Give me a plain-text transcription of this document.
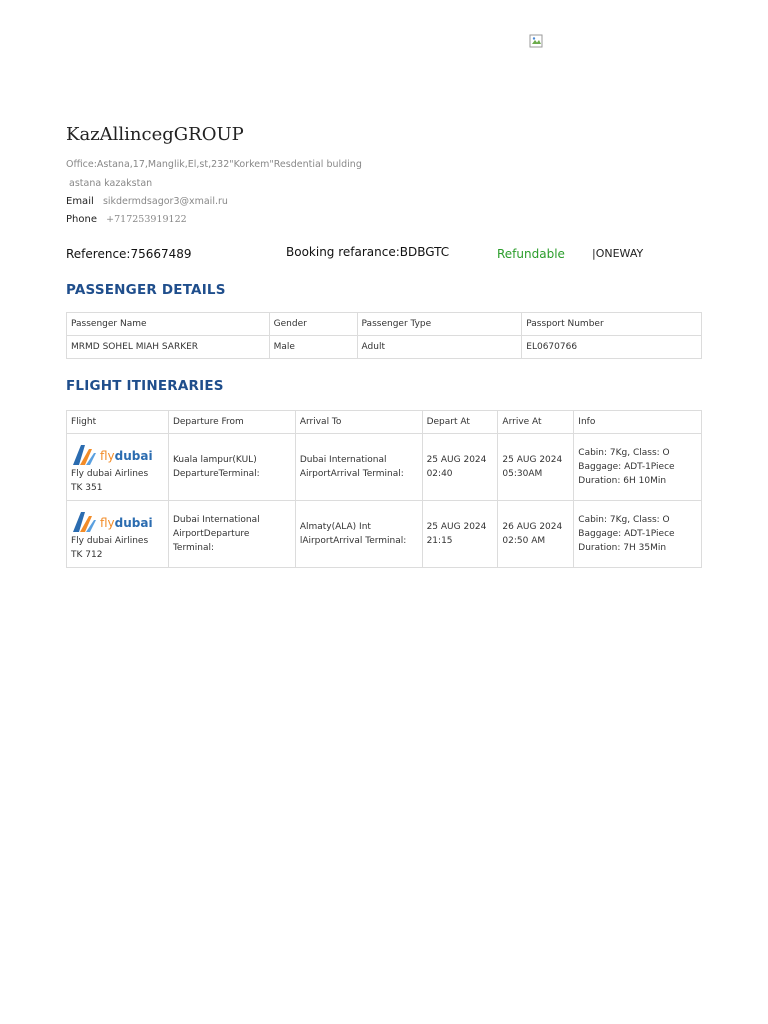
KazAllincegGROUP
Office:Astana,17,Manglik,El,st,232"Korkem"Resdential bulding
astana kazakstan
Email sikdermdsagor3@xmail.ru
Phone +717253919122
Reference:75667489	Booking refarance:BDBGTC	Refundable |ONEWAY
PASSENGER DETAILS
Passenger Name	Gender	Passenger Type	Passport Number
MRMD SOHEL MIAH SARKER	Male	Adult	EL0670766
FLIGHT ITINERARIES
Flight	Departure From	Arrival To	Depart At	Arrive At	Info

flydubai
Fly dubai Airlines
TK 351	Kuala lampur(KUL) DepartureTerminal:	Dubai International AirportArrival Terminal:	25 AUG 2024 02:40	25 AUG 2024 05:30AM	Cabin: 7Kg, Class: O Baggage: ADT-1Piece Duration: 6H 10Min

flydubai
Fly dubai Airlines
TK 712	Dubai International AirportDeparture Terminal:	Almaty(ALA) Int lAirportArrival Terminal:	25 AUG 2024 21:15	26 AUG 2024 02:50 AM	Cabin: 7Kg, Class: O Baggage: ADT-1Piece Duration: 7H 35Min
